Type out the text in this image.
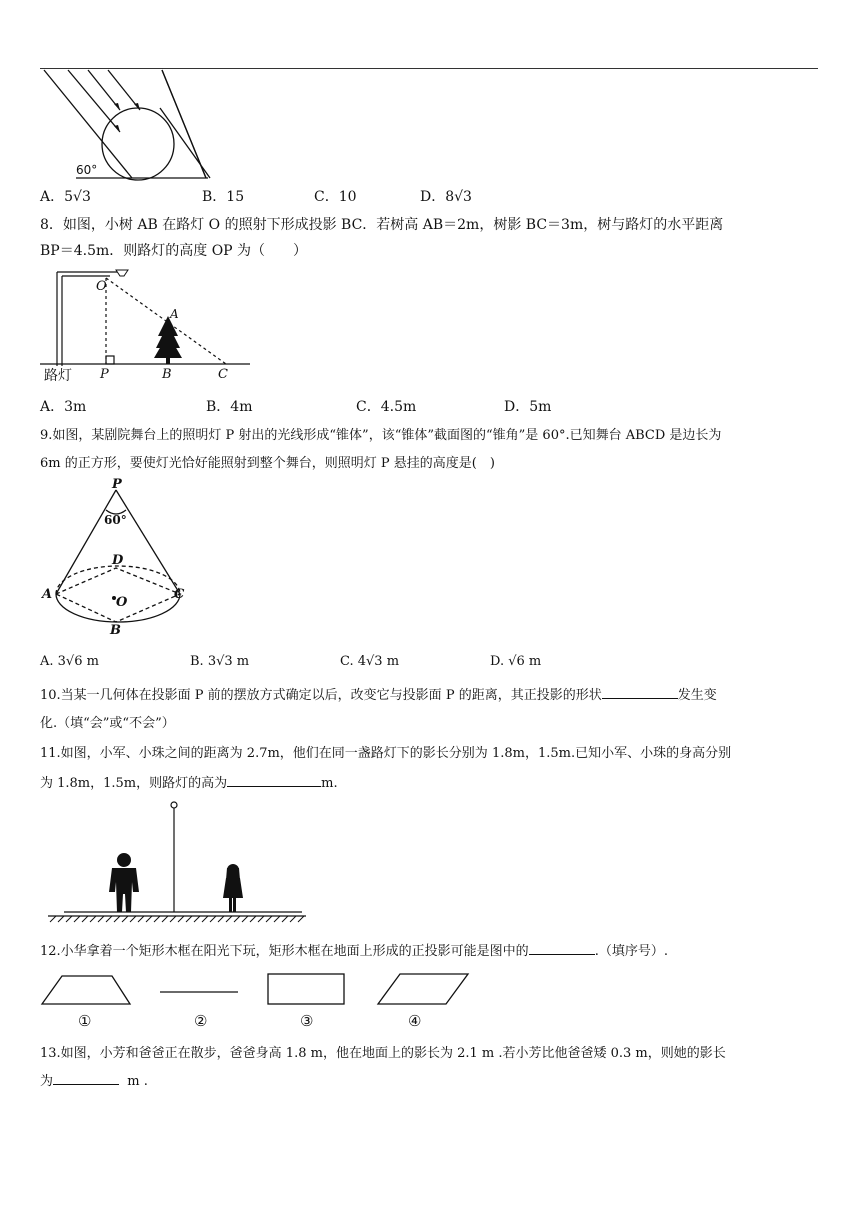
60°
A．5√3	B．15	C．10	D．8√3
8．如图，小树 AB 在路灯 O 的照射下形成投影 BC．若树高 AB＝2m，树影 BC＝3m，树与路灯的水平距离
BP＝4.5m．则路灯的高度 OP 为（　　）
O
A
路灯 P	B	C
A．3m	B．4m	C．4.5m	D．5m
9.如图，某剧院舞台上的照明灯 P 射出的光线形成“锥体”，该“锥体”截面图的“锥角”是 60°.已知舞台 ABCD 是边长为
6m 的正方形，要使灯光恰好能照射到整个舞台，则照明灯 P 悬挂的高度是(　)
P
60°
D
A	C
O
B
A. 3√6 m	B. 3√3 m	C. 4√3 m	D. √6 m
10.当某一几何体在投影面 P 前的摆放方式确定以后，改变它与投影面 P 的距离，其正投影的形状	发生变
化.（填“会”或“不会”）
11.如图，小军、小珠之间的距离为 2.7m，他们在同一盏路灯下的影长分别为 1.8m，1.5m.已知小军、小珠的身高分别
为 1.8m，1.5m，则路灯的高为	m.
12.小华拿着一个矩形木框在阳光下玩，矩形木框在地面上形成的正投影可能是图中的	.（填序号）.
①	②	③	④
13.如图，小芳和爸爸正在散步，爸爸身高 1.8 m，他在地面上的影长为 2.1 m .若小芳比他爸爸矮 0.3 m，则她的影长
为	m .
